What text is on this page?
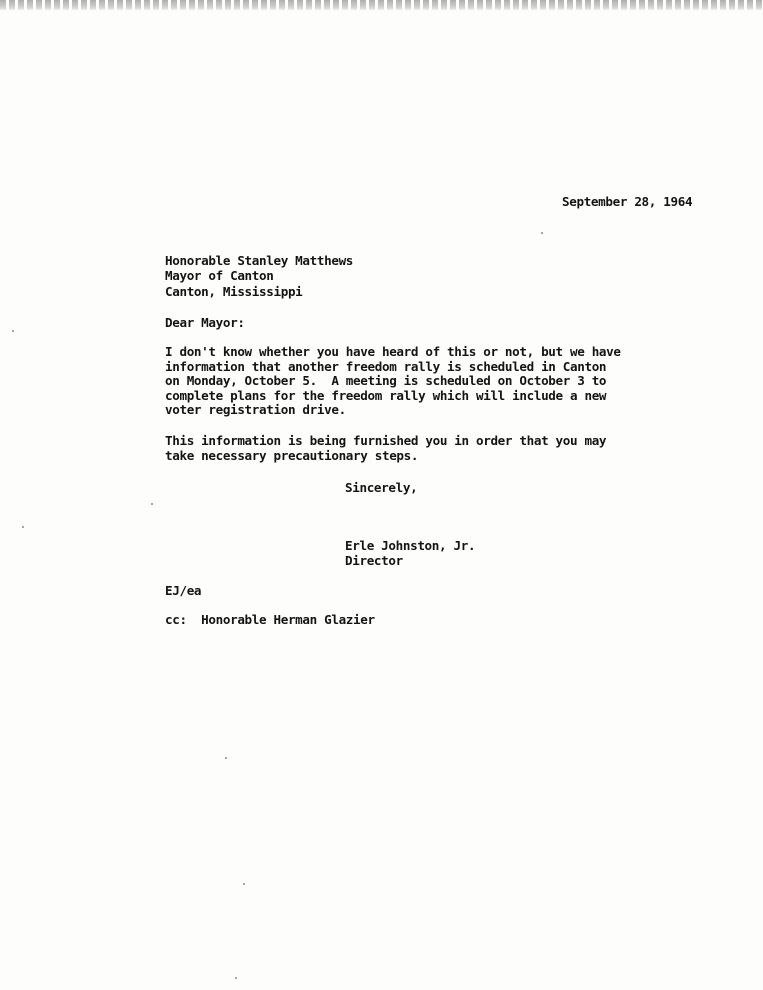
September 28, 1964
Honorable Stanley Matthews
Mayor of Canton
Canton, Mississippi
Dear Mayor:
I don't know whether you have heard of this or not, but we have
information that another freedom rally is scheduled in Canton
on Monday, October 5.  A meeting is scheduled on October 3 to
complete plans for the freedom rally which will include a new
voter registration drive.
This information is being furnished you in order that you may
take necessary precautionary steps.
Sincerely,
Erle Johnston, Jr.
Director
EJ/ea
cc:  Honorable Herman Glazier
